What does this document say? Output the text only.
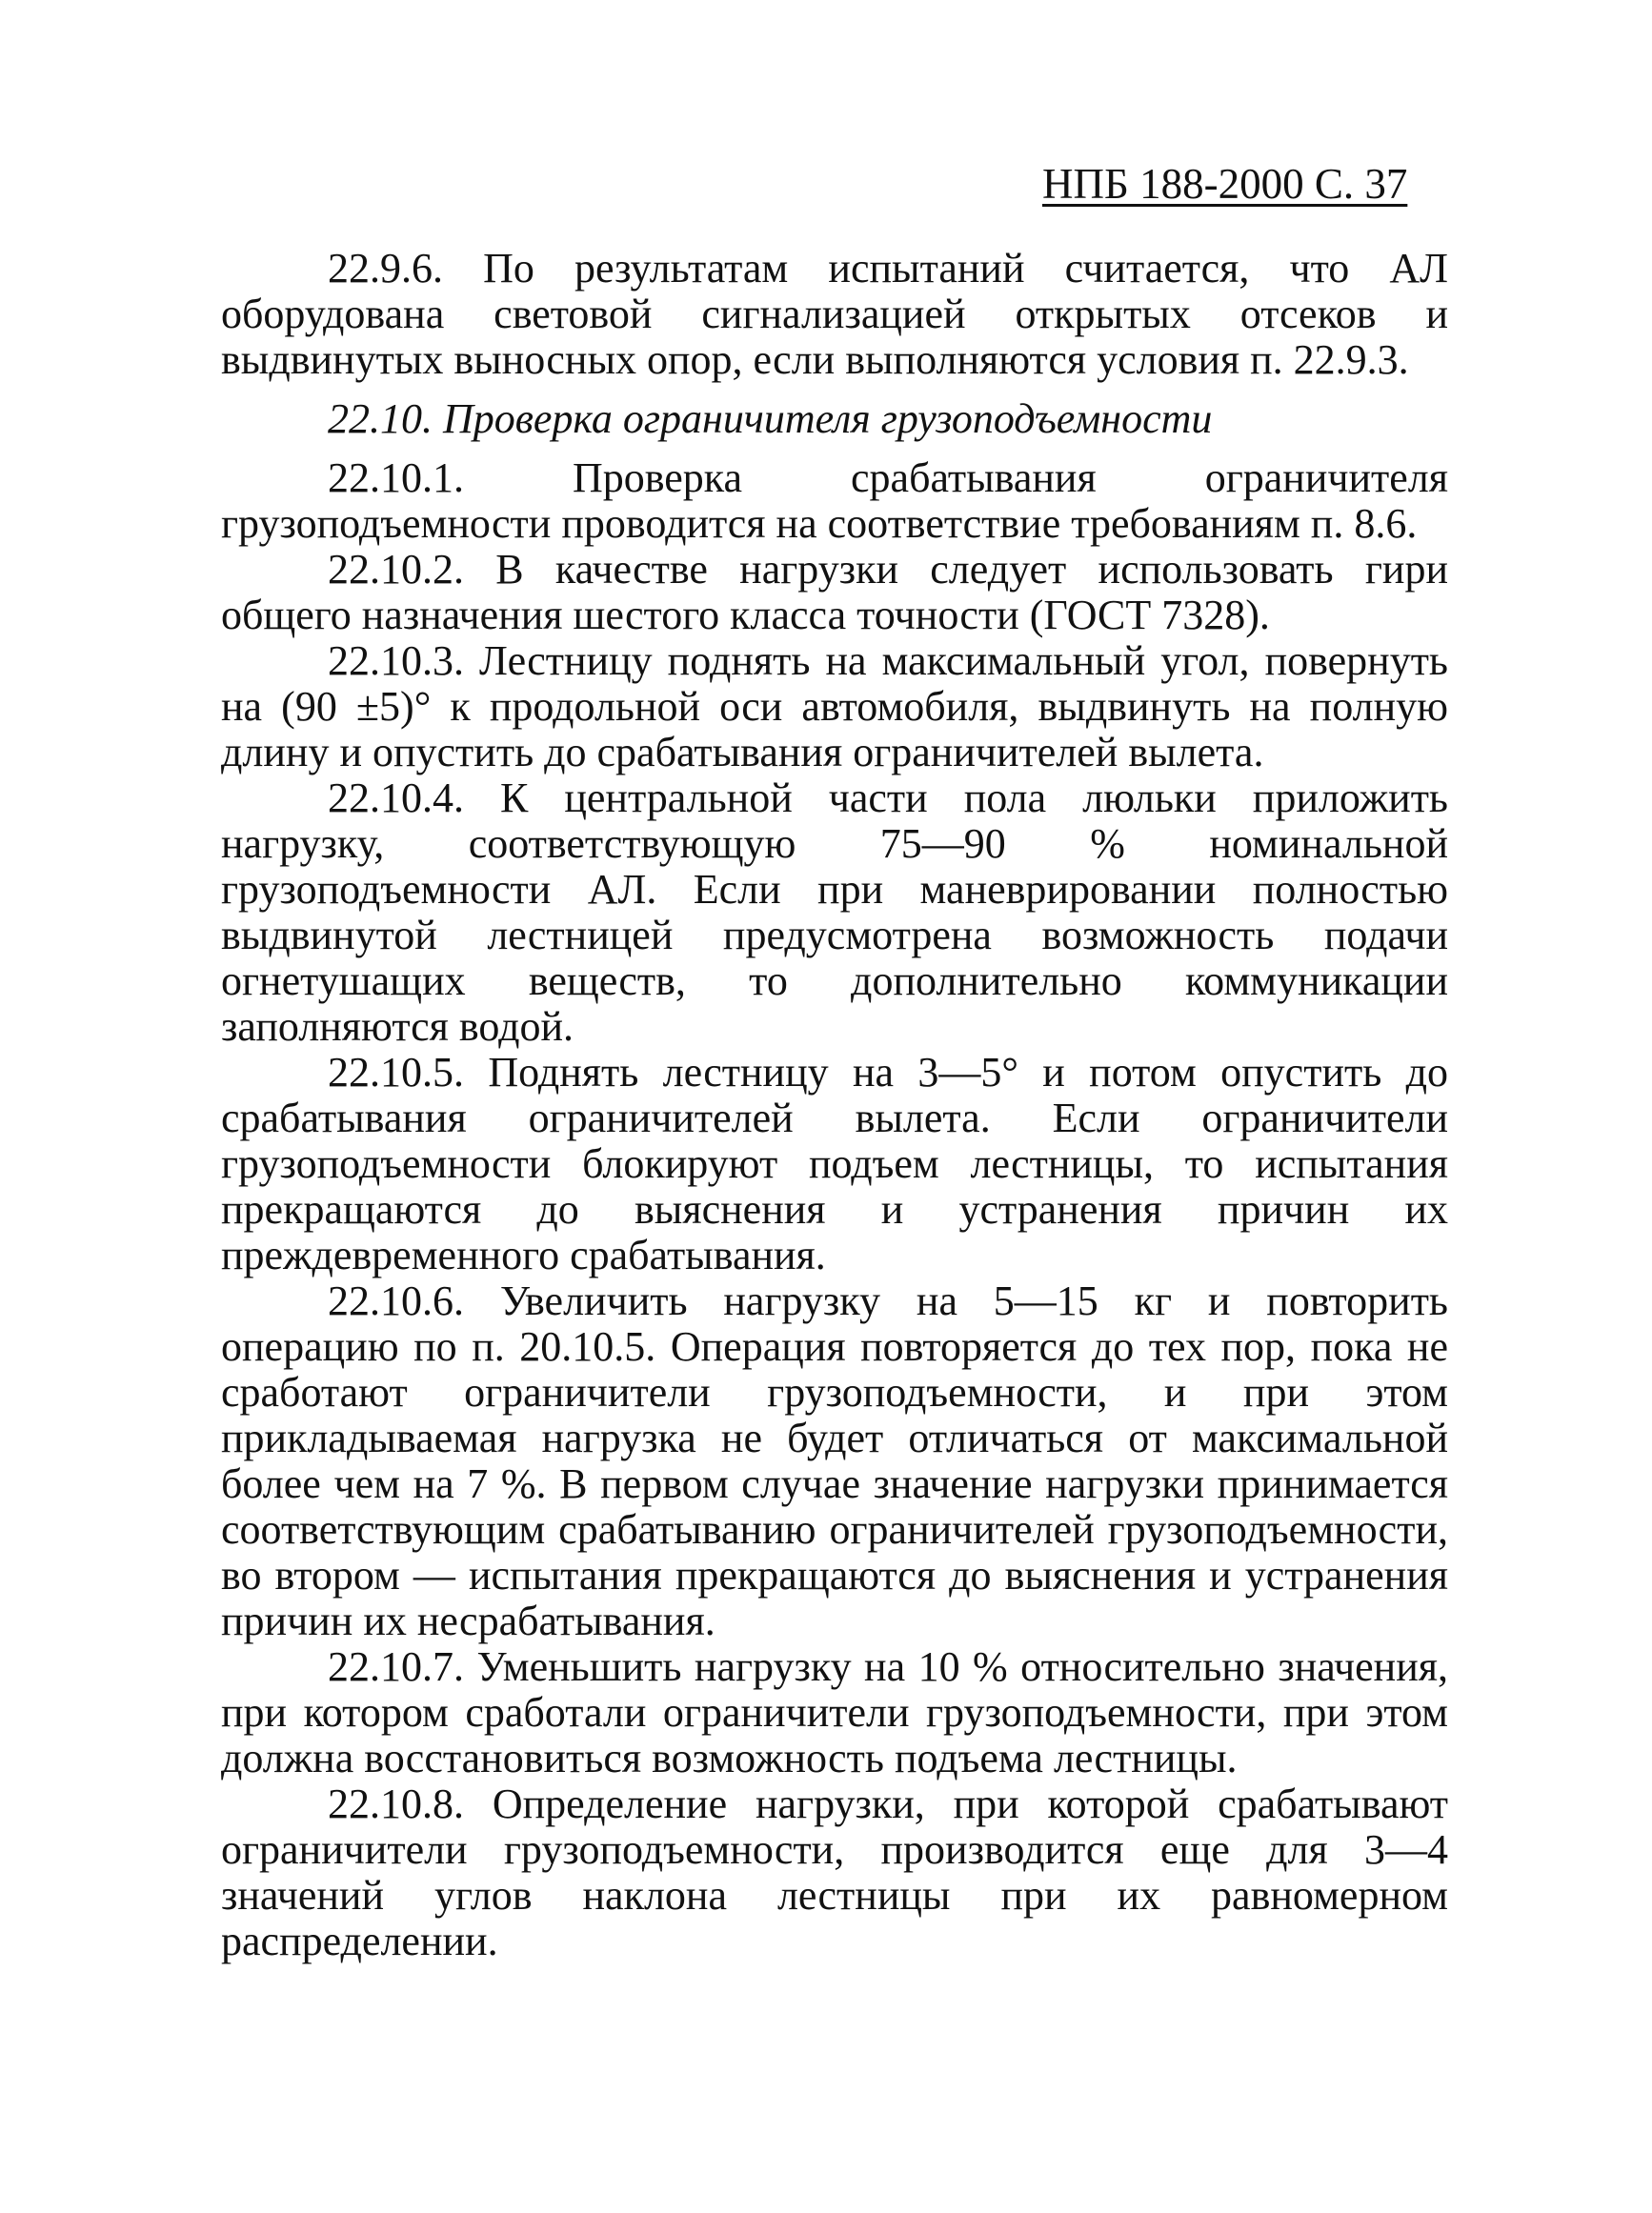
НПБ 188-2000 С. 37

22.9.6. По результатам испытаний считается, что АЛ оборудована световой сигнализацией открытых отсеков и выдвинутых выносных опор, если выполняются условия п. 22.9.3.

22.10. Проверка ограничителя грузоподъемности

22.10.1. Проверка срабатывания ограничителя грузоподъемности проводится на соответствие требованиям п. 8.6.

22.10.2. В качестве нагрузки следует использовать гири общего назначения шестого класса точности (ГОСТ 7328).

22.10.3. Лестницу поднять на максимальный угол, повернуть на (90 ±5)° к продольной оси автомобиля, выдвинуть на полную длину и опустить до срабатывания ограничителей вылета.

22.10.4. К центральной части пола люльки приложить нагрузку, соответствующую 75—90 % номинальной грузоподъемности АЛ. Если при маневрировании полностью выдвинутой лестницей предусмотрена возможность подачи огнетушащих веществ, то дополнительно коммуникации заполняются водой.

22.10.5. Поднять лестницу на 3—5° и потом опустить до срабатывания ограничителей вылета. Если ограничители грузоподъемности блокируют подъем лестницы, то испытания прекращаются до выяснения и устранения причин их преждевременного срабатывания.

22.10.6. Увеличить нагрузку на 5—15 кг и повторить операцию по п. 20.10.5. Операция повторяется до тех пор, пока не сработают ограничители грузоподъемности, и при этом прикладываемая нагрузка не будет отличаться от максимальной более чем на 7 %. В первом случае значение нагрузки принимается соответствующим срабатыванию ограничителей грузоподъемности, во втором — испытания прекращаются до выяснения и устранения причин их несрабатывания.

22.10.7. Уменьшить нагрузку на 10 % относительно значения, при котором сработали ограничители грузоподъемности, при этом должна восстановиться возможность подъема лестницы.

22.10.8. Определение нагрузки, при которой срабатывают ограничители грузоподъемности, производится еще для 3—4 значений углов наклона лестницы при их равномерном распределении.
